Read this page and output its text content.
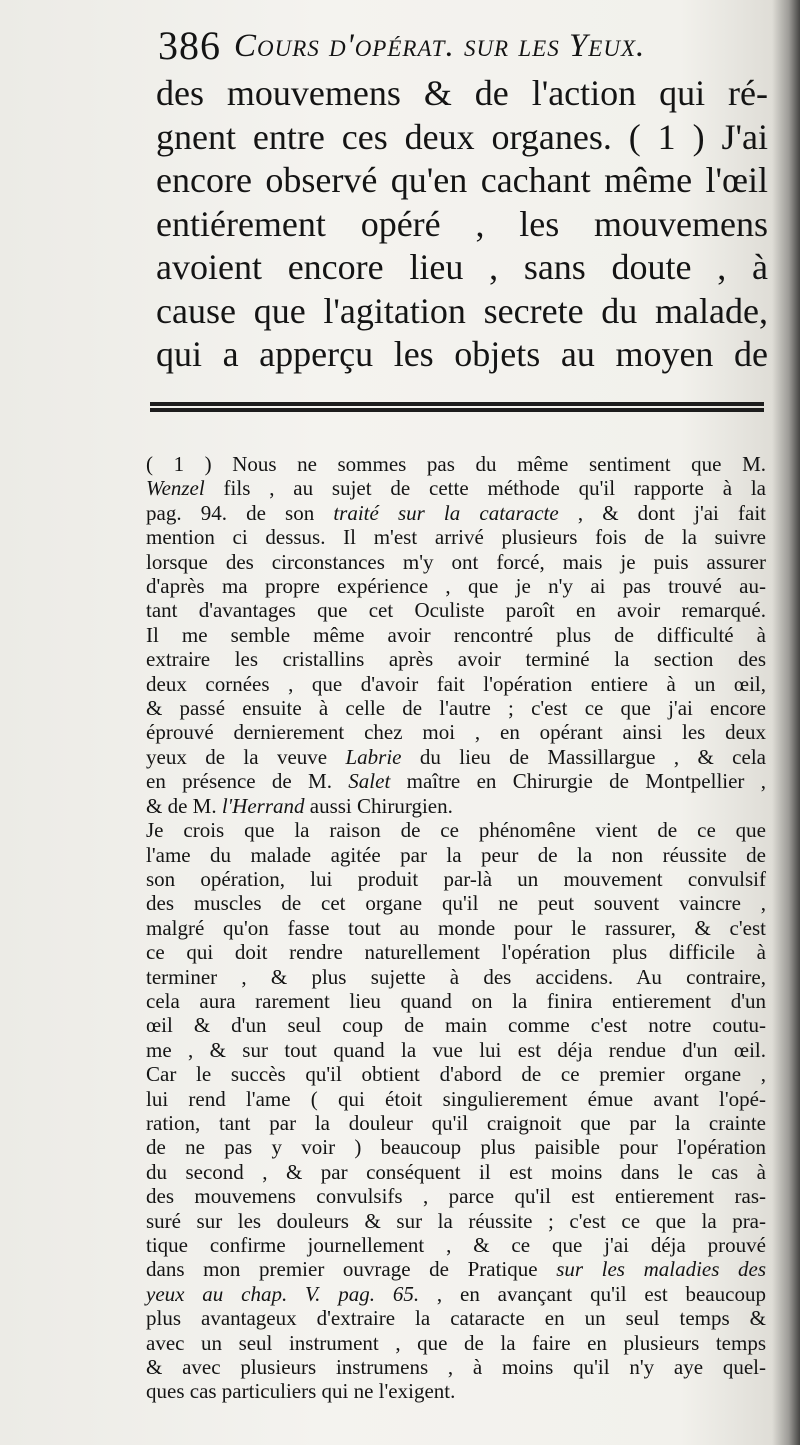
386 Cours d'opérat. sur les Yeux.
des mouvemens & de l'action qui ré-
gnent entre ces deux organes. ( 1 ) J'ai
encore observé qu'en cachant même l'œil
entiérement opéré , les mouvemens
avoient encore lieu , sans doute , à
cause que l'agitation secrete du malade,
qui a apperçu les objets au moyen de
( 1 ) Nous ne sommes pas du même sentiment que M.
Wenzel fils , au sujet de cette méthode qu'il rapporte à la
pag. 94. de son traité sur la cataracte , & dont j'ai fait
mention ci dessus. Il m'est arrivé plusieurs fois de la suivre
lorsque des circonstances m'y ont forcé, mais je puis assurer
d'après ma propre expérience , que je n'y ai pas trouvé au-
tant d'avantages que cet Oculiste paroît en avoir remarqué.
Il me semble même avoir rencontré plus de difficulté à
extraire les cristallins après avoir terminé la section des
deux cornées , que d'avoir fait l'opération entiere à un œil,
& passé ensuite à celle de l'autre ; c'est ce que j'ai encore
éprouvé dernierement chez moi , en opérant ainsi les deux
yeux de la veuve Labrie du lieu de Massillargue , & cela
en présence de M. Salet maître en Chirurgie de Montpellier ,
& de M. l'Herrand aussi Chirurgien.
Je crois que la raison de ce phénomêne vient de ce que
l'ame du malade agitée par la peur de la non réussite de
son opération, lui produit par-là un mouvement convulsif
des muscles de cet organe qu'il ne peut souvent vaincre ,
malgré qu'on fasse tout au monde pour le rassurer, & c'est
ce qui doit rendre naturellement l'opération plus difficile à
terminer , & plus sujette à des accidens. Au contraire,
cela aura rarement lieu quand on la finira entierement d'un
œil & d'un seul coup de main comme c'est notre coutu-
me , & sur tout quand la vue lui est déja rendue d'un œil.
Car le succès qu'il obtient d'abord de ce premier organe ,
lui rend l'ame ( qui étoit singulierement émue avant l'opé-
ration, tant par la douleur qu'il craignoit que par la crainte
de ne pas y voir ) beaucoup plus paisible pour l'opération
du second , & par conséquent il est moins dans le cas à
des mouvemens convulsifs , parce qu'il est entierement ras-
suré sur les douleurs & sur la réussite ; c'est ce que la pra-
tique confirme journellement , & ce que j'ai déja prouvé
dans mon premier ouvrage de Pratique sur les maladies des
yeux au chap. V. pag. 65. , en avançant qu'il est beaucoup
plus avantageux d'extraire la cataracte en un seul temps &
avec un seul instrument , que de la faire en plusieurs temps
& avec plusieurs instrumens , à moins qu'il n'y aye quel-
ques cas particuliers qui ne l'exigent.
